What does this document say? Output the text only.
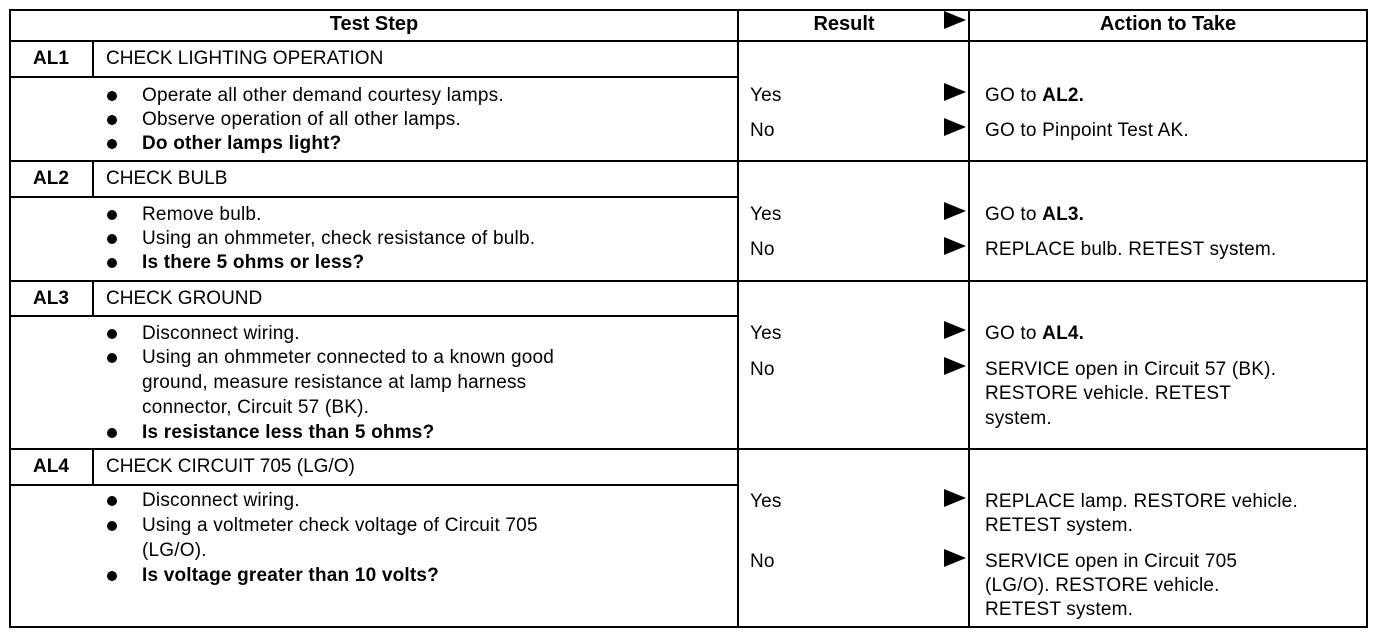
Test Step	Result	Action to Take
AL1	CHECK LIGHTING OPERATION
Operate all other demand courtesy lamps.
Observe operation of all other lamps.
Do other lamps light?
Yes	GO to AL2.
No	GO to Pinpoint Test AK.
AL2	CHECK BULB
Remove bulb.
Using an ohmmeter, check resistance of bulb.
Is there 5 ohms or less?
Yes	GO to AL3.
No	REPLACE bulb. RETEST system.
AL3	CHECK GROUND
Disconnect wiring.
Using an ohmmeter connected to a known good
ground, measure resistance at lamp harness
connector, Circuit 57 (BK).
Is resistance less than 5 ohms?
Yes	GO to AL4.
No	SERVICE open in Circuit 57 (BK).
RESTORE vehicle. RETEST
system.
AL4	CHECK CIRCUIT 705 (LG/O)
Disconnect wiring.
Using a voltmeter check voltage of Circuit 705
(LG/O).
Is voltage greater than 10 volts?
Yes	REPLACE lamp. RESTORE vehicle.
RETEST system.
No	SERVICE open in Circuit 705
(LG/O). RESTORE vehicle.
RETEST system.
